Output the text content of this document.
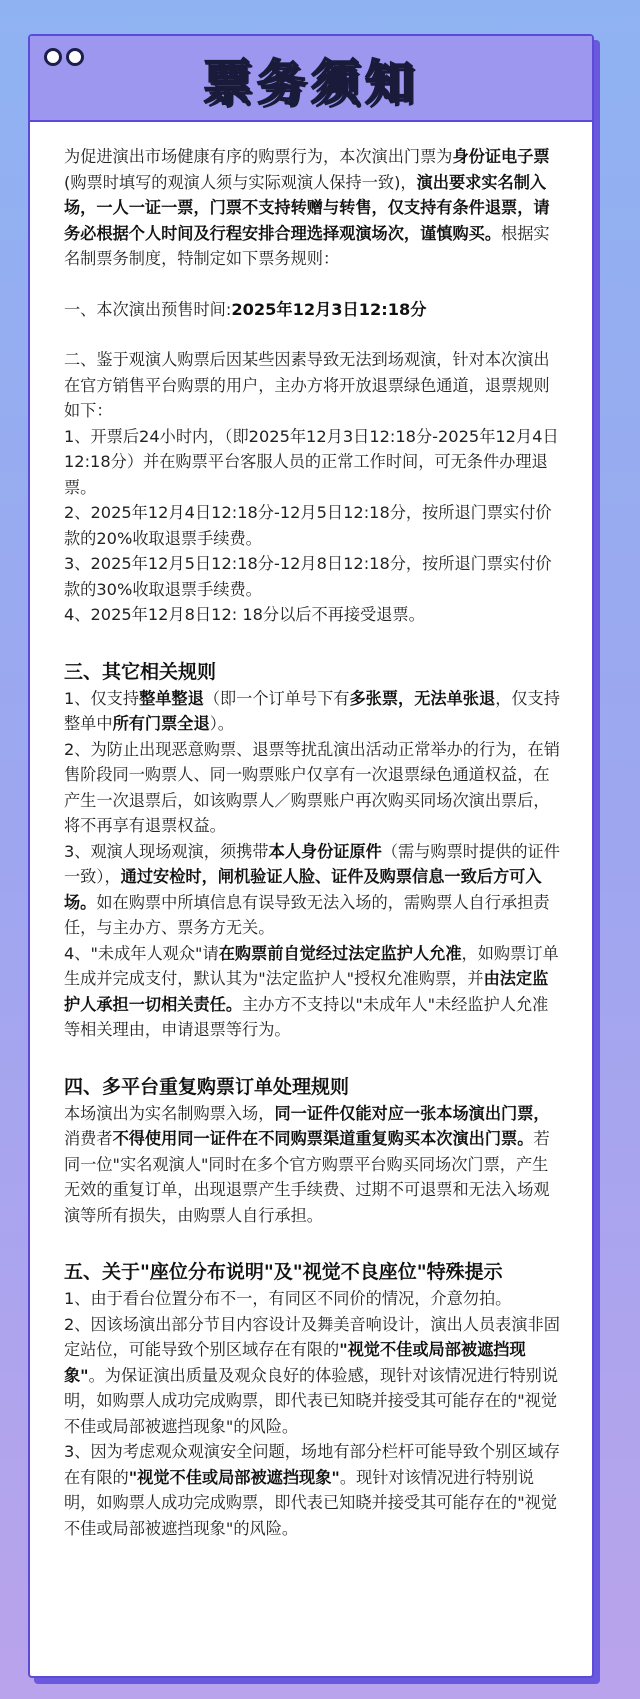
票务须知

为促进演出市场健康有序的购票行为，本次演出门票为身份证电子票(购票时填写的观演人须与实际观演人保持一致)，演出要求实名制入场，一人一证一票，门票不支持转赠与转售，仅支持有条件退票，请务必根据个人时间及行程安排合理选择观演场次，谨慎购买。根据实名制票务制度，特制定如下票务规则：

一、本次演出预售时间:2025年12月3日12:18分

二、鉴于观演人购票后因某些因素导致无法到场观演，针对本次演出在官方销售平台购票的用户，主办方将开放退票绿色通道，退票规则如下：

1、开票后24小时内，（即2025年12月3日12:18分-2025年12月4日12:18分）并在购票平台客服人员的正常工作时间，可无条件办理退票。

2、2025年12月4日12:18分-12月5日12:18分，按所退门票实付价款的20%收取退票手续费。

3、2025年12月5日12:18分-12月8日12:18分，按所退门票实付价款的30%收取退票手续费。

4、2025年12月8日12: 18分以后不再接受退票。

三、其它相关规则

1、仅支持整单整退（即一个订单号下有多张票，无法单张退，仅支持整单中所有门票全退）。

2、为防止出现恶意购票、退票等扰乱演出活动正常举办的行为，在销售阶段同一购票人、同一购票账户仅享有一次退票绿色通道权益，在产生一次退票后，如该购票人／购票账户再次购买同场次演出票后，将不再享有退票权益。

3、观演人现场观演，须携带本人身份证原件（需与购票时提供的证件一致），通过安检时，闸机验证人脸、证件及购票信息一致后方可入场。如在购票中所填信息有误导致无法入场的，需购票人自行承担责任，与主办方、票务方无关。

4、"未成年人观众"请在购票前自觉经过法定监护人允准，如购票订单生成并完成支付，默认其为"法定监护人"授权允准购票，并由法定监护人承担一切相关责任。主办方不支持以"未成年人"未经监护人允准等相关理由，申请退票等行为。

四、多平台重复购票订单处理规则

本场演出为实名制购票入场，同一证件仅能对应一张本场演出门票，消费者不得使用同一证件在不同购票渠道重复购买本次演出门票。若同一位"实名观演人"同时在多个官方购票平台购买同场次门票，产生无效的重复订单，出现退票产生手续费、过期不可退票和无法入场观演等所有损失，由购票人自行承担。

五、关于"座位分布说明"及"视觉不良座位"特殊提示

1、由于看台位置分布不一，有同区不同价的情况，介意勿拍。

2、因该场演出部分节目内容设计及舞美音响设计，演出人员表演非固定站位，可能导致个别区域存在有限的"视觉不佳或局部被遮挡现象"。为保证演出质量及观众良好的体验感，现针对该情况进行特别说明，如购票人成功完成购票，即代表已知晓并接受其可能存在的"视觉不佳或局部被遮挡现象"的风险。

3、因为考虑观众观演安全问题，场地有部分栏杆可能导致个别区域存在有限的"视觉不佳或局部被遮挡现象"。现针对该情况进行特别说明，如购票人成功完成购票，即代表已知晓并接受其可能存在的"视觉不佳或局部被遮挡现象"的风险。
